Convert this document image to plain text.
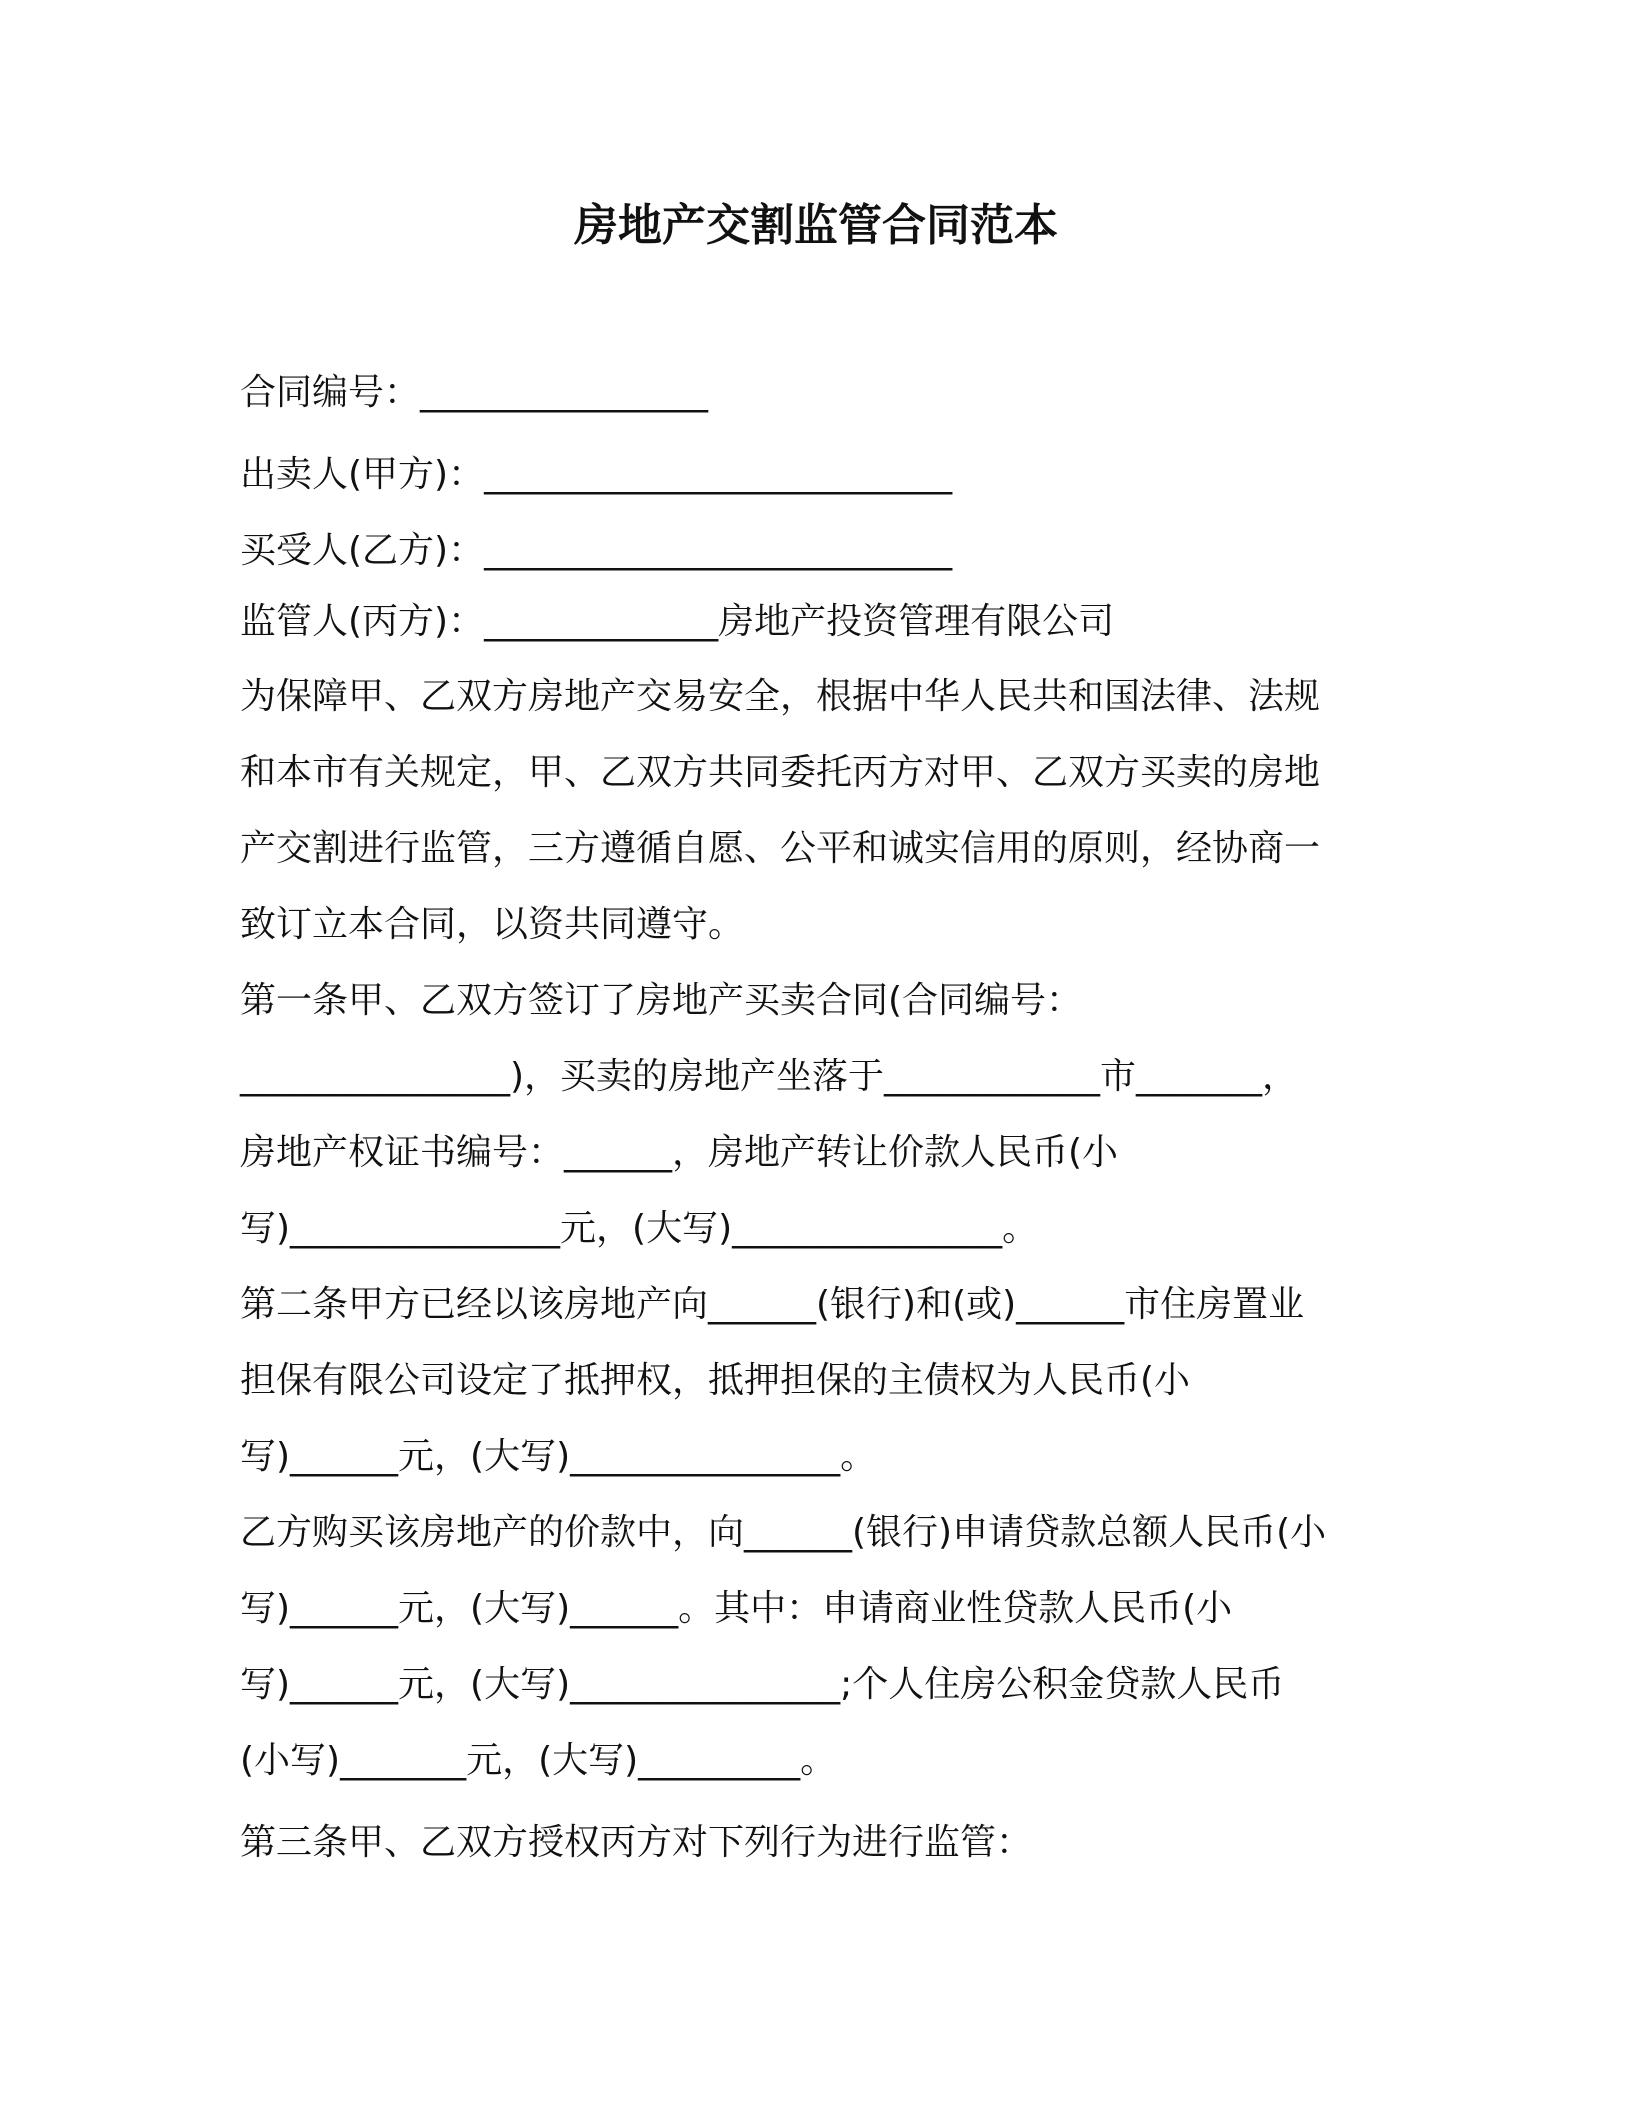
房地产交割监管合同范本
合同编号：________________
出卖人(甲方)：__________________________
买受人(乙方)：__________________________
监管人(丙方)：_____________房地产投资管理有限公司
为保障甲、乙双方房地产交易安全，根据中华人民共和国法律、法规
和本市有关规定，甲、乙双方共同委托丙方对甲、乙双方买卖的房地
产交割进行监管，三方遵循自愿、公平和诚实信用的原则，经协商一
致订立本合同，以资共同遵守。
第一条甲、乙双方签订了房地产买卖合同(合同编号：
_______________)，买卖的房地产坐落于____________市_______，
房地产权证书编号：______，房地产转让价款人民币(小
写)_______________元，(大写)_______________。
第二条甲方已经以该房地产向______(银行)和(或)______市住房置业
担保有限公司设定了抵押权，抵押担保的主债权为人民币(小
写)______元，(大写)_______________。
乙方购买该房地产的价款中，向______(银行)申请贷款总额人民币(小
写)______元，(大写)______。其中：申请商业性贷款人民币(小
写)______元，(大写)_______________;个人住房公积金贷款人民币
(小写)_______元，(大写)_________。
第三条甲、乙双方授权丙方对下列行为进行监管：
